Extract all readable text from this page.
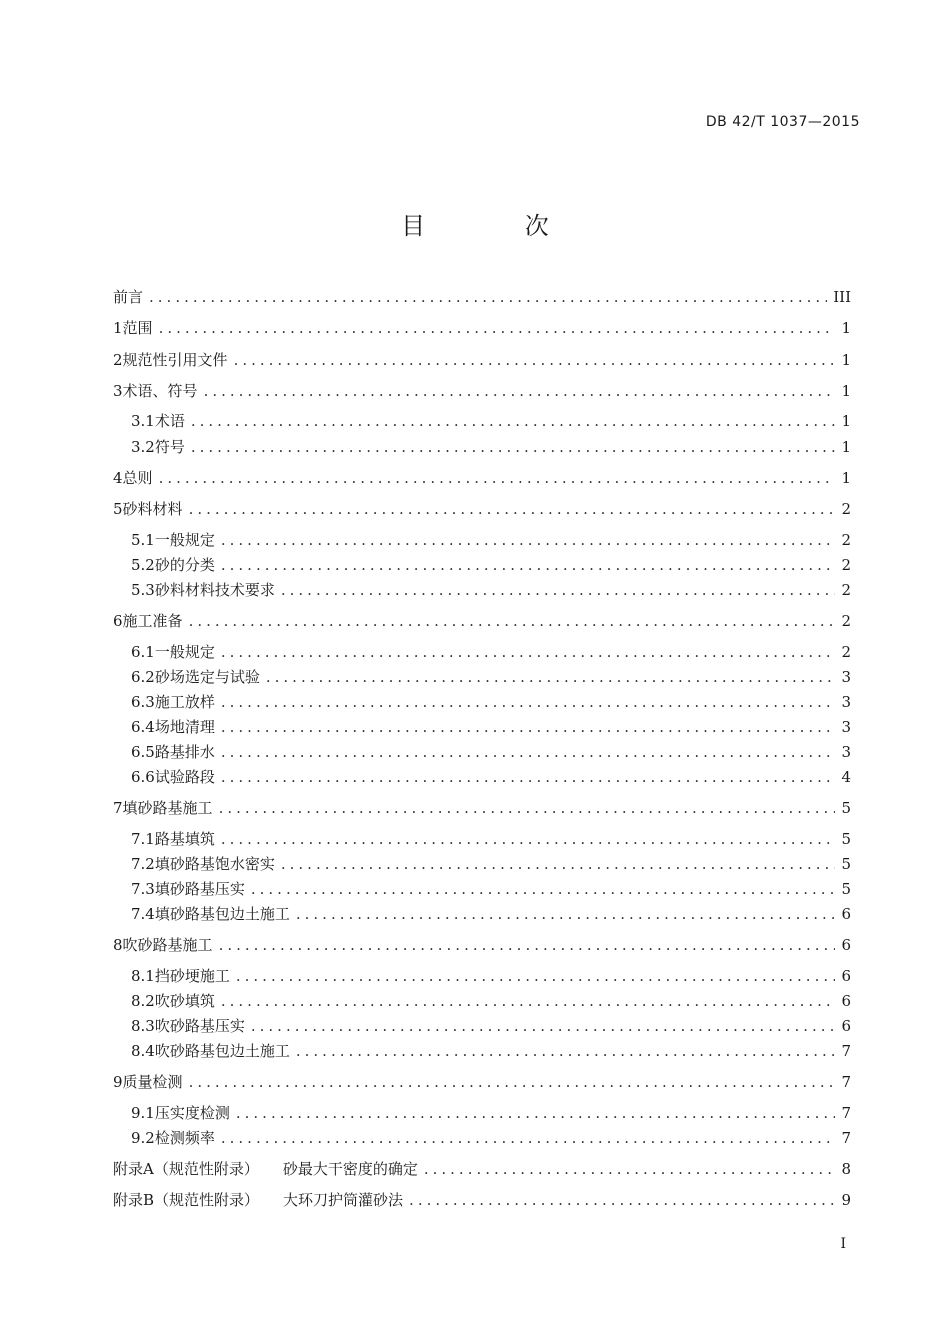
DB 42/T 1037—2015
目 次
前言 .....	III
1 范围 .....	1
2 规范性引用文件 .....	1
3 术语、符号 .....	1
3.1 术语 .....	1
3.2 符号 .....	1
4 总则 .....	1
5 砂料材料 .....	2
5.1 一般规定 .....	2
5.2 砂的分类 .....	2
5.3 砂料材料技术要求 .....	2
6 施工准备 .....	2
6.1 一般规定 .....	2
6.2 砂场选定与试验 .....	3
6.3 施工放样 .....	3
6.4 场地清理 .....	3
6.5 路基排水 .....	3
6.6 试验路段 .....	4
7 填砂路基施工 .....	5
7.1 路基填筑 .....	5
7.2 填砂路基饱水密实 .....	5
7.3 填砂路基压实 .....	5
7.4 填砂路基包边土施工 .....	6
8 吹砂路基施工 .....	6
8.1 挡砂埂施工 .....	6
8.2 吹砂填筑 .....	6
8.3 吹砂路基压实 .....	6
8.4 吹砂路基包边土施工 .....	7
9 质量检测 .....	7
9.1 压实度检测 .....	7
9.2 检测频率 .....	7
附录A（规范性附录） 砂最大干密度的确定 .....	8
附录B（规范性附录） 大环刀护筒灌砂法 .....	9
I
